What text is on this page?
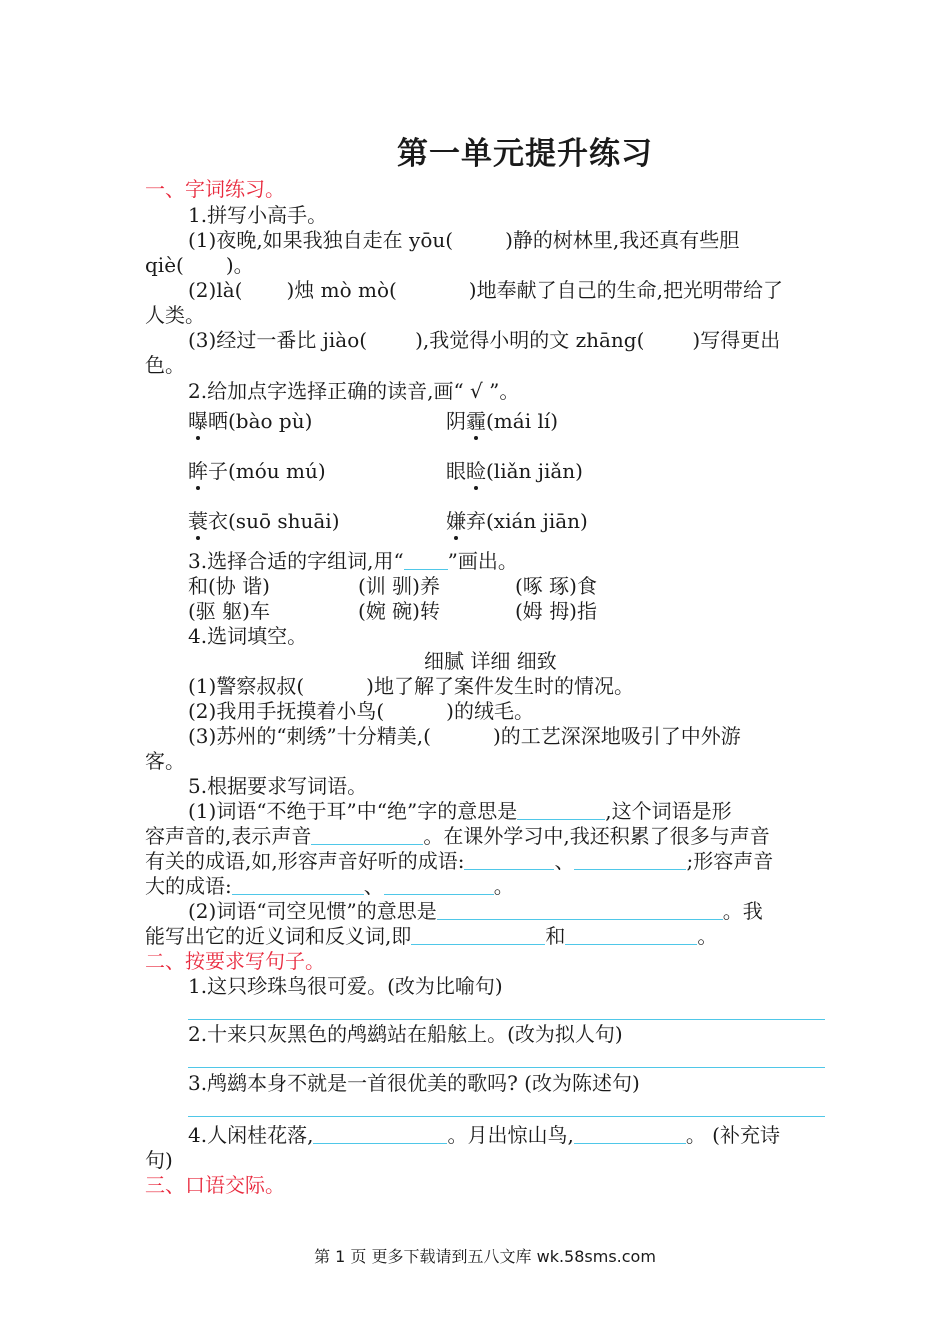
第一单元提升练习
一、字词练习。
1.拼写小高手。
(1)夜晚,如果我独自走在 yōu(	)静的树林里,我还真有些胆
qiè( )。
(2)là( )烛 mò mò(	)地奉献了自己的生命,把光明带给了
人类。
(3)经过一番比 jiào( ),我觉得小明的文 zhāng( )写得更出
色。
2.给加点字选择正确的读音,画“ √ ”。
曝晒(bào pù)	阴霾(mái lí)
眸子(móu mú)	眼睑(liǎn jiǎn)
蓑衣(suō shuāi)	嫌弃(xián jiān)
3.选择合适的字组词,用“ ”画出。
和(协 谐)	(训 驯)养	(啄 琢)食
(驱 躯)车	(婉 碗)转	(姆 拇)指
4.选词填空。
细腻 详细 细致
(1)警察叔叔(	)地了解了案件发生时的情况。
(2)我用手抚摸着小鸟(	)的绒毛。
(3)苏州的“刺绣”十分精美,(	)的工艺深深地吸引了中外游
客。
5.根据要求写词语。
(1)词语“不绝于耳”中“绝”字的意思是	,这个词语是形
容声音的,表示声音	。在课外学习中,我还积累了很多与声音
有关的成语,如,形容声音好听的成语:	、	;形容声音
大的成语:	、	。
(2)词语“司空见惯”的意思是	。我
能写出它的近义词和反义词,即	和	。
二、按要求写句子。
1.这只珍珠鸟很可爱。(改为比喻句)
2.十来只灰黑色的鸬鹚站在船舷上。(改为拟人句)
3.鸬鹚本身不就是一首很优美的歌吗? (改为陈述句)
4.人闲桂花落,	。月出惊山鸟,	。 (补充诗
句)
三、口语交际。
第 1 页 更多下载请到五八文库 wk.58sms.com
